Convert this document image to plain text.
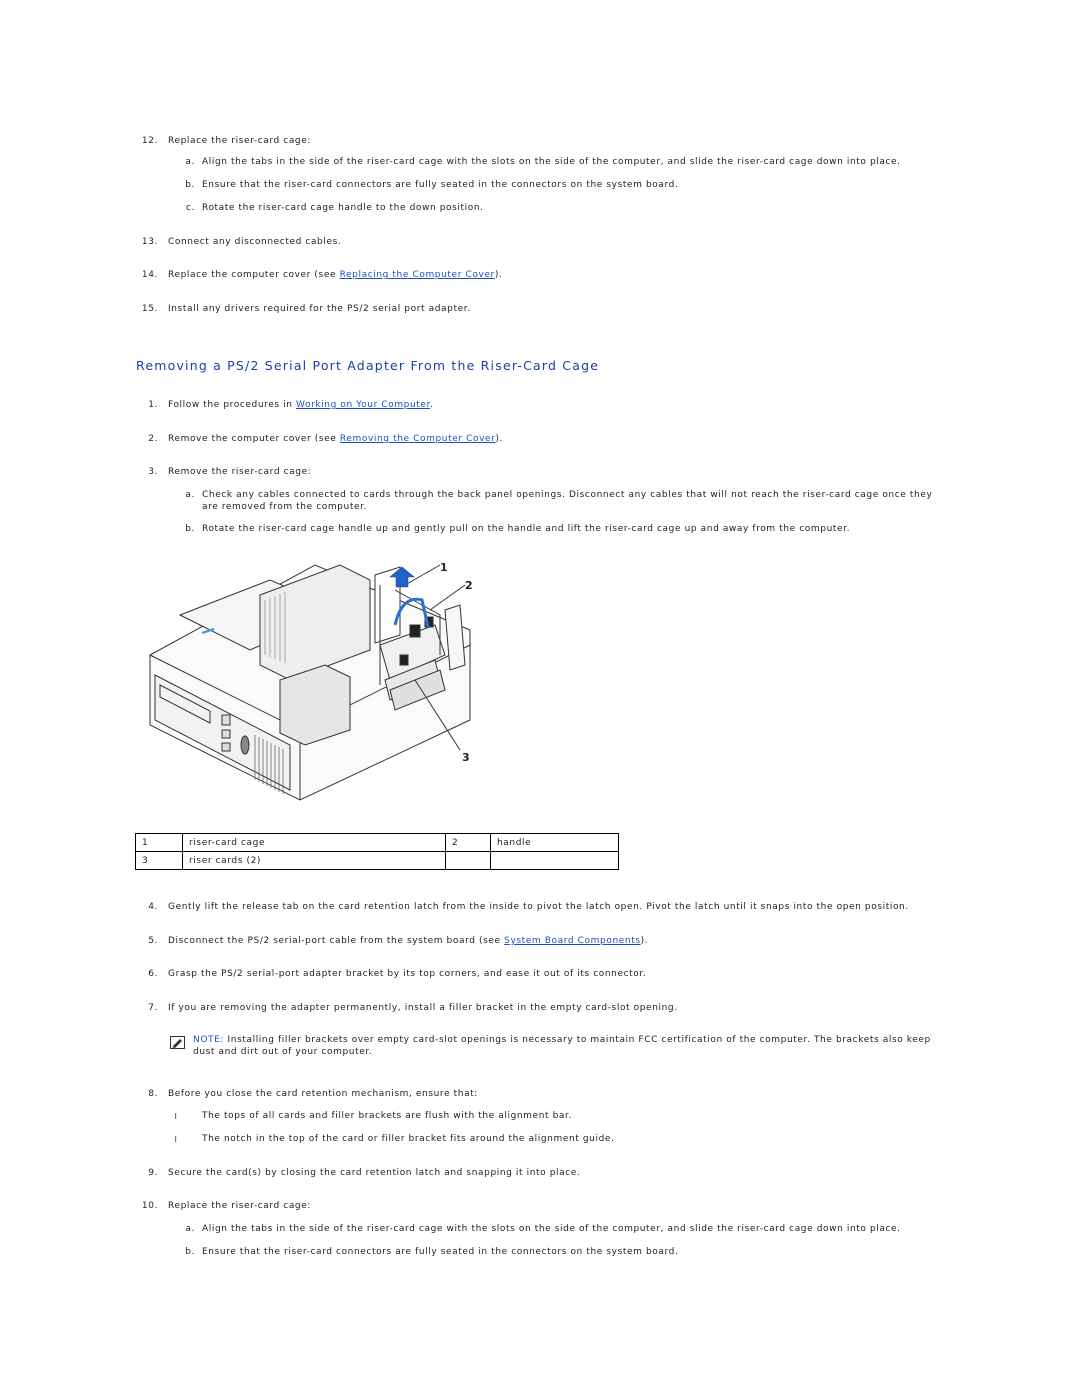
12. Replace the riser-card cage:
a. Align the tabs in the side of the riser-card cage with the slots on the side of the computer, and slide the riser-card cage down into place.
b. Ensure that the riser-card connectors are fully seated in the connectors on the system board.
c. Rotate the riser-card cage handle to the down position.
13. Connect any disconnected cables.
14. Replace the computer cover (see Replacing the Computer Cover).
15. Install any drivers required for the PS/2 serial port adapter.
Removing a PS/2 Serial Port Adapter From the Riser-Card Cage
1. Follow the procedures in Working on Your Computer.
2. Remove the computer cover (see Removing the Computer Cover).
3. Remove the riser-card cage:
a. Check any cables connected to cards through the back panel openings. Disconnect any cables that will not reach the riser-card cage once they
are removed from the computer.
b. Rotate the riser-card cage handle up and gently pull on the handle and lift the riser-card cage up and away from the computer.
1
2
3
1	riser-card cage	2	handle
3	riser cards (2)		
4. Gently lift the release tab on the card retention latch from the inside to pivot the latch open. Pivot the latch until it snaps into the open position.
5. Disconnect the PS/2 serial-port cable from the system board (see System Board Components).
6. Grasp the PS/2 serial-port adapter bracket by its top corners, and ease it out of its connector.
7. If you are removing the adapter permanently, install a filler bracket in the empty card-slot opening.
NOTE: Installing filler brackets over empty card-slot openings is necessary to maintain FCC certification of the computer. The brackets also keep
dust and dirt out of your computer.
8. Before you close the card retention mechanism, ensure that:
l	The tops of all cards and filler brackets are flush with the alignment bar.
l	The notch in the top of the card or filler bracket fits around the alignment guide.
9. Secure the card(s) by closing the card retention latch and snapping it into place.
10. Replace the riser-card cage:
a. Align the tabs in the side of the riser-card cage with the slots on the side of the computer, and slide the riser-card cage down into place.
b. Ensure that the riser-card connectors are fully seated in the connectors on the system board.
